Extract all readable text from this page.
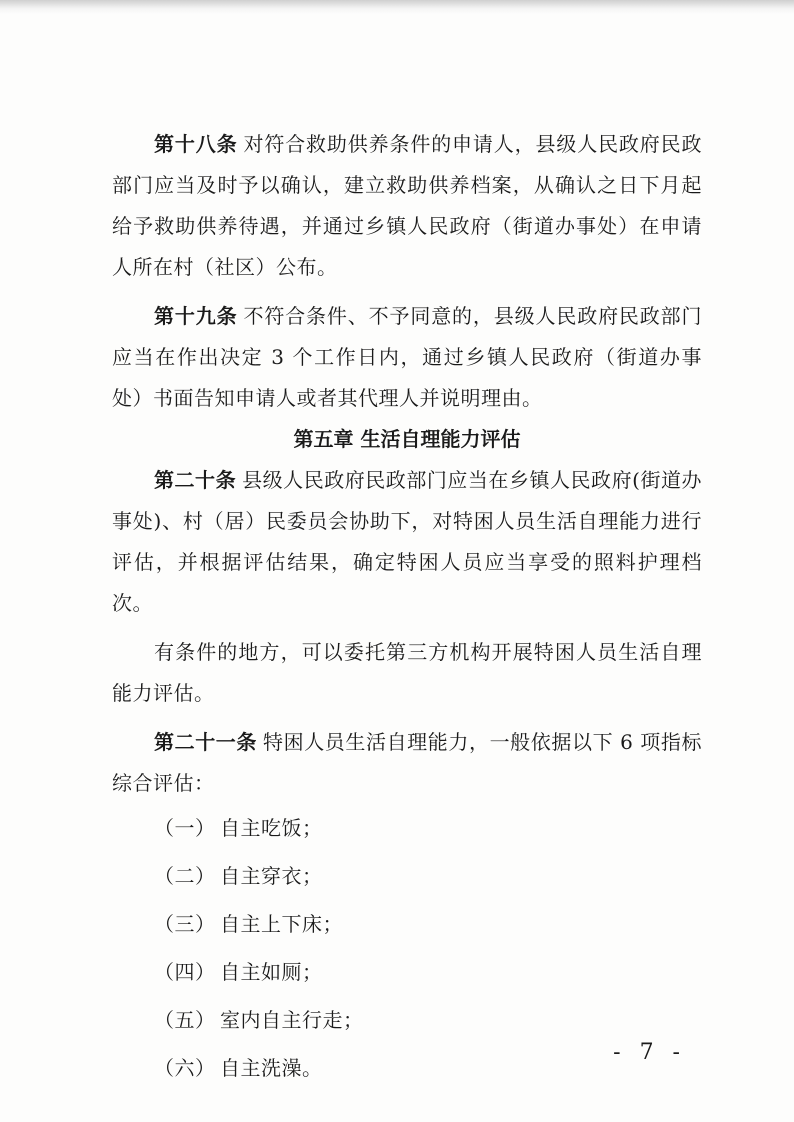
第十八条 对符合救助供养条件的申请人，县级人民政府民政部门应当及时予以确认，建立救助供养档案，从确认之日下月起给予救助供养待遇，并通过乡镇人民政府（街道办事处）在申请人所在村（社区）公布。

第十九条 不符合条件、不予同意的，县级人民政府民政部门应当在作出决定 3 个工作日内，通过乡镇人民政府（街道办事处）书面告知申请人或者其代理人并说明理由。

第五章 生活自理能力评估

第二十条 县级人民政府民政部门应当在乡镇人民政府(街道办事处)、村（居）民委员会协助下，对特困人员生活自理能力进行评估，并根据评估结果，确定特困人员应当享受的照料护理档次。

有条件的地方，可以委托第三方机构开展特困人员生活自理能力评估。

第二十一条 特困人员生活自理能力，一般依据以下 6 项指标综合评估：

（一） 自主吃饭；

（二） 自主穿衣；

（三） 自主上下床；

（四） 自主如厕；

（五） 室内自主行走；

（六） 自主洗澡。

- 7 -
